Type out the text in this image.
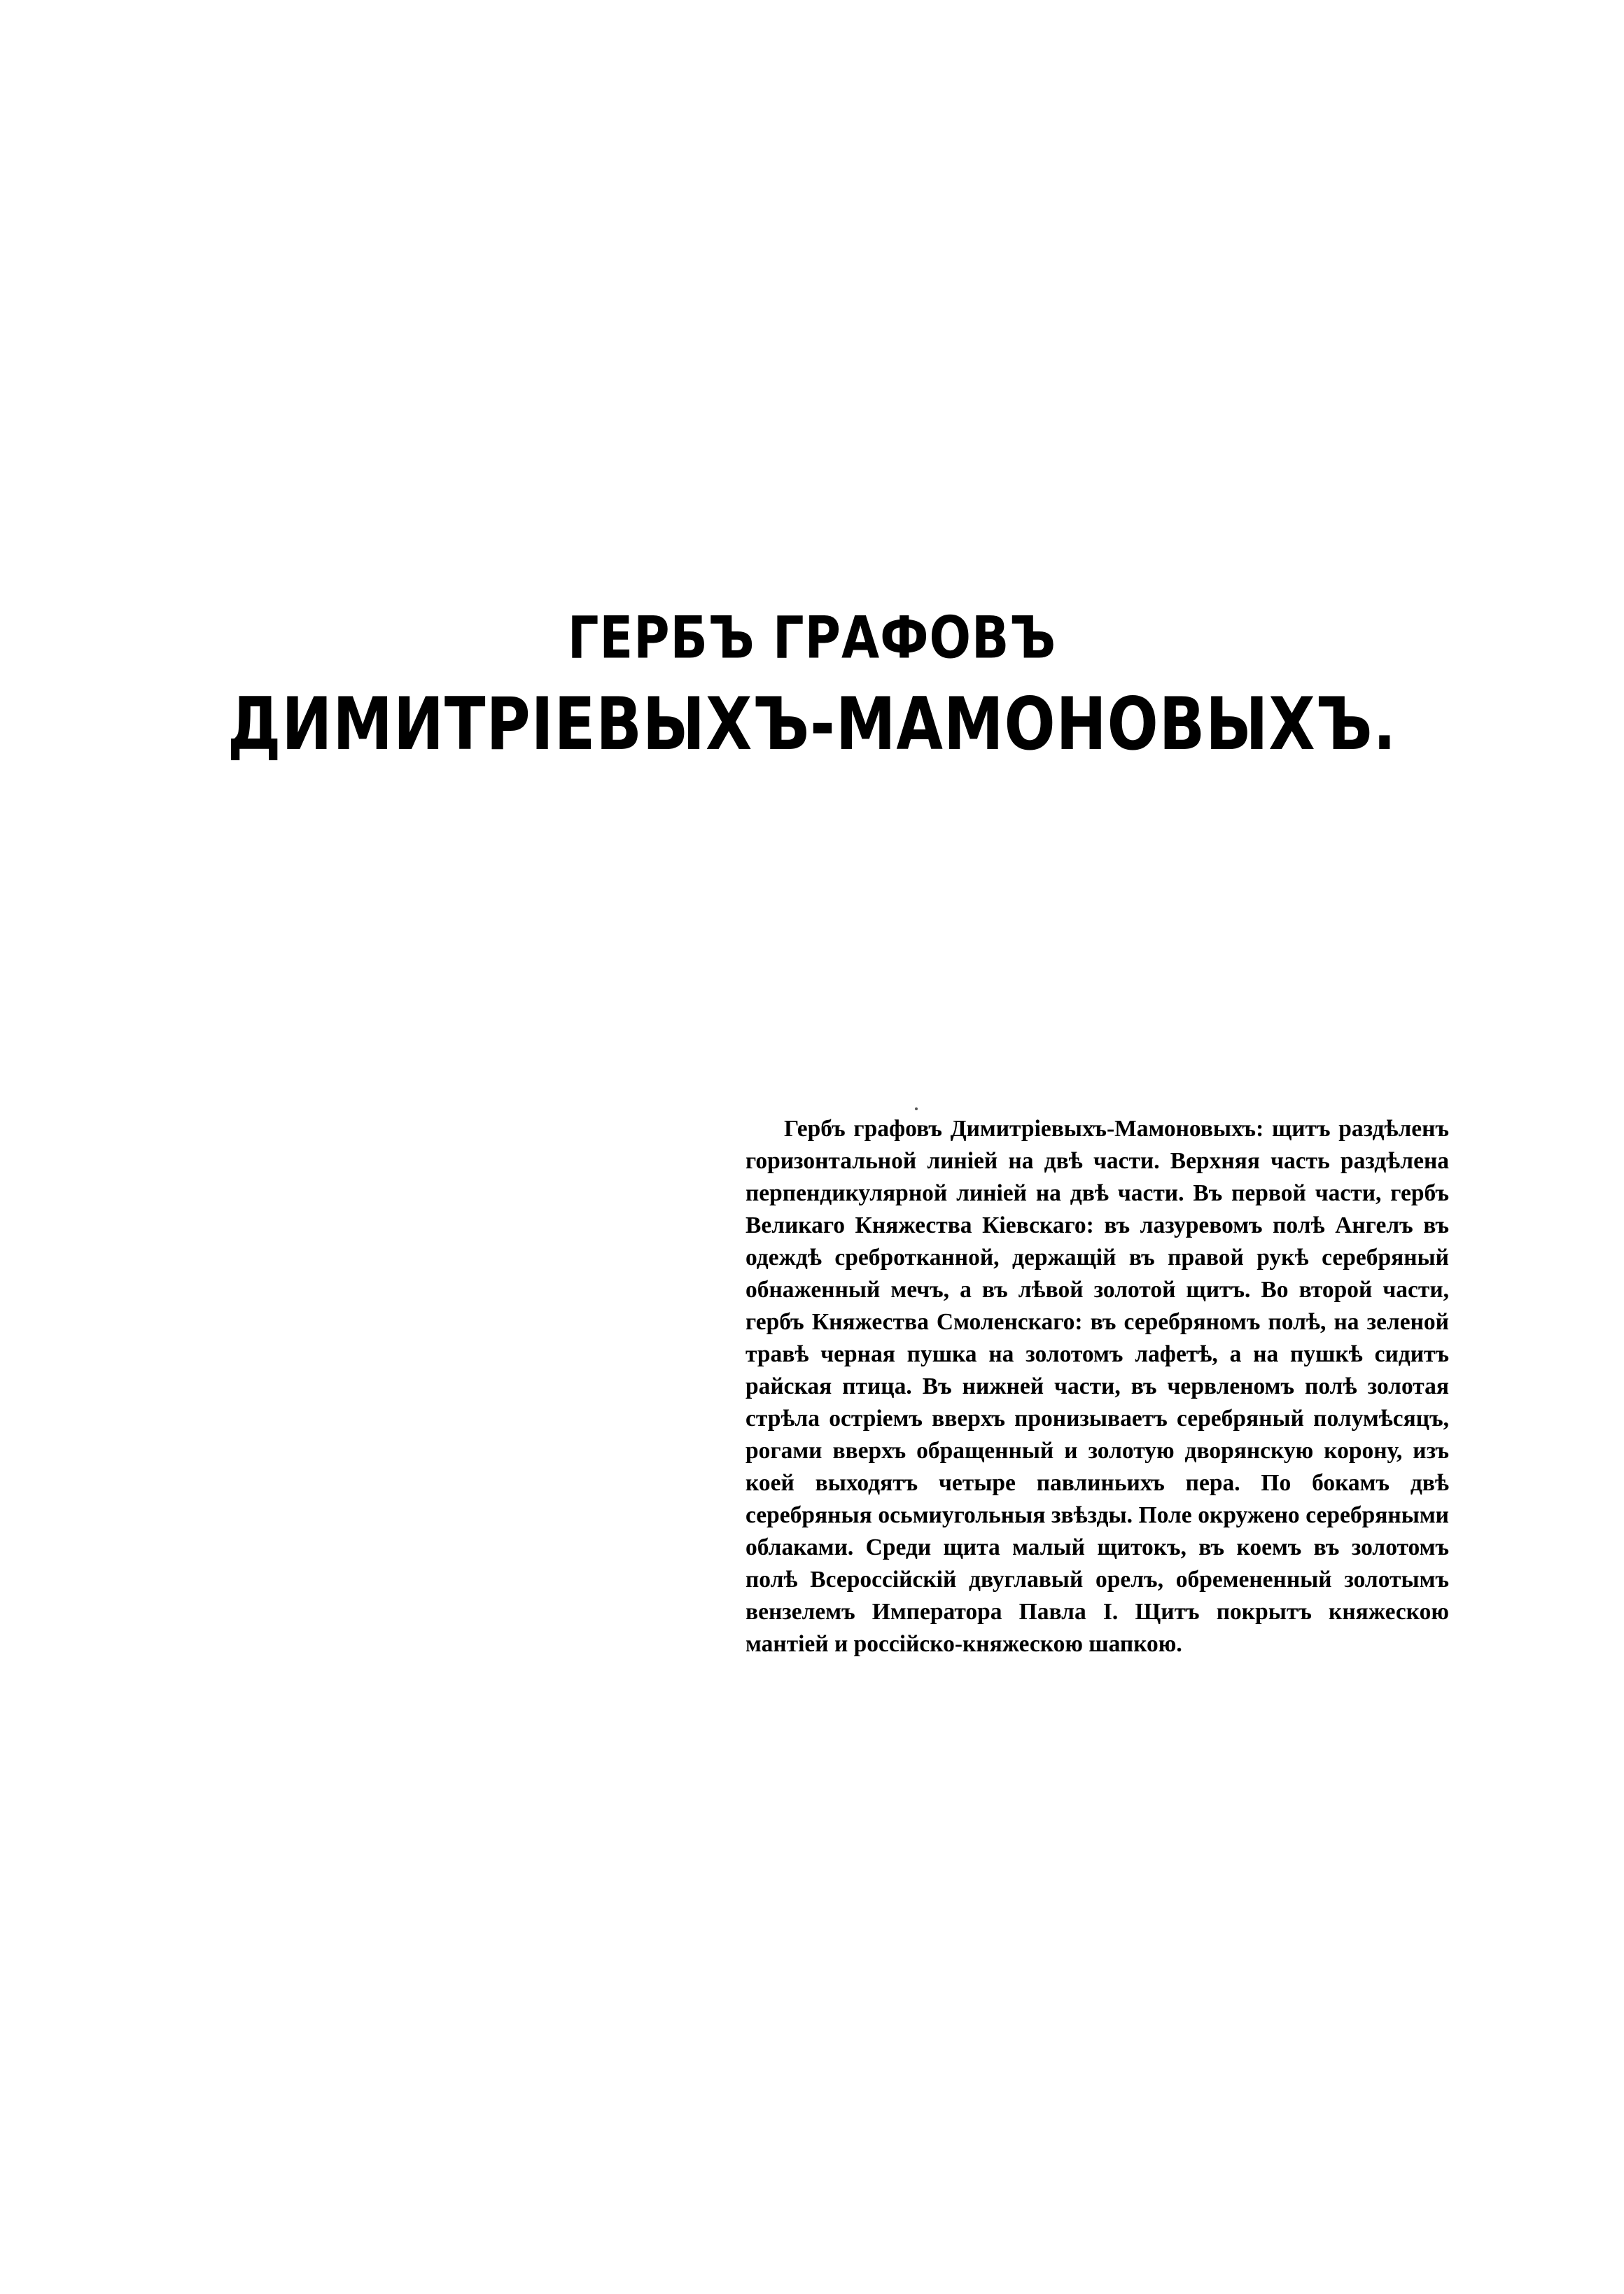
ГЕРБЪ ГРАФОВЪ
ДИМИТРІЕВЫХЪ-МАМОНОВЫХЪ.

Гербъ графовъ Димитріевыхъ-Мамоновыхъ: щитъ раздѣленъ горизонтальной линіей на двѣ части. Верхняя часть раздѣлена перпендикулярной линіей на двѣ части. Въ первой части, гербъ Великаго Княжества Кіевскаго: въ лазуревомъ полѣ Ангелъ въ одеждѣ сребротканной, держащій въ правой рукѣ серебряный обнаженный мечъ, а въ лѣвой золотой щитъ. Во второй части, гербъ Княжества Смоленскаго: въ серебряномъ полѣ, на зеленой травѣ черная пушка на золотомъ лафетѣ, а на пушкѣ сидитъ райская птица. Въ нижней части, въ червленомъ полѣ золотая стрѣла остріемъ вверхъ пронизываетъ серебряный полумѣсяцъ, рогами вверхъ обращенный и золотую дворянскую корону, изъ коей выходятъ четыре павлиньихъ пера. По бокамъ двѣ серебряныя осьмиугольныя звѣзды. Поле окружено серебряными облаками. Среди щита малый щитокъ, въ коемъ въ золотомъ полѣ Всероссійскій двуглавый орелъ, обремененный золотымъ вензелемъ Императора Павла I. Щитъ покрытъ княжескою мантіей и россійско-княжескою шапкою.
